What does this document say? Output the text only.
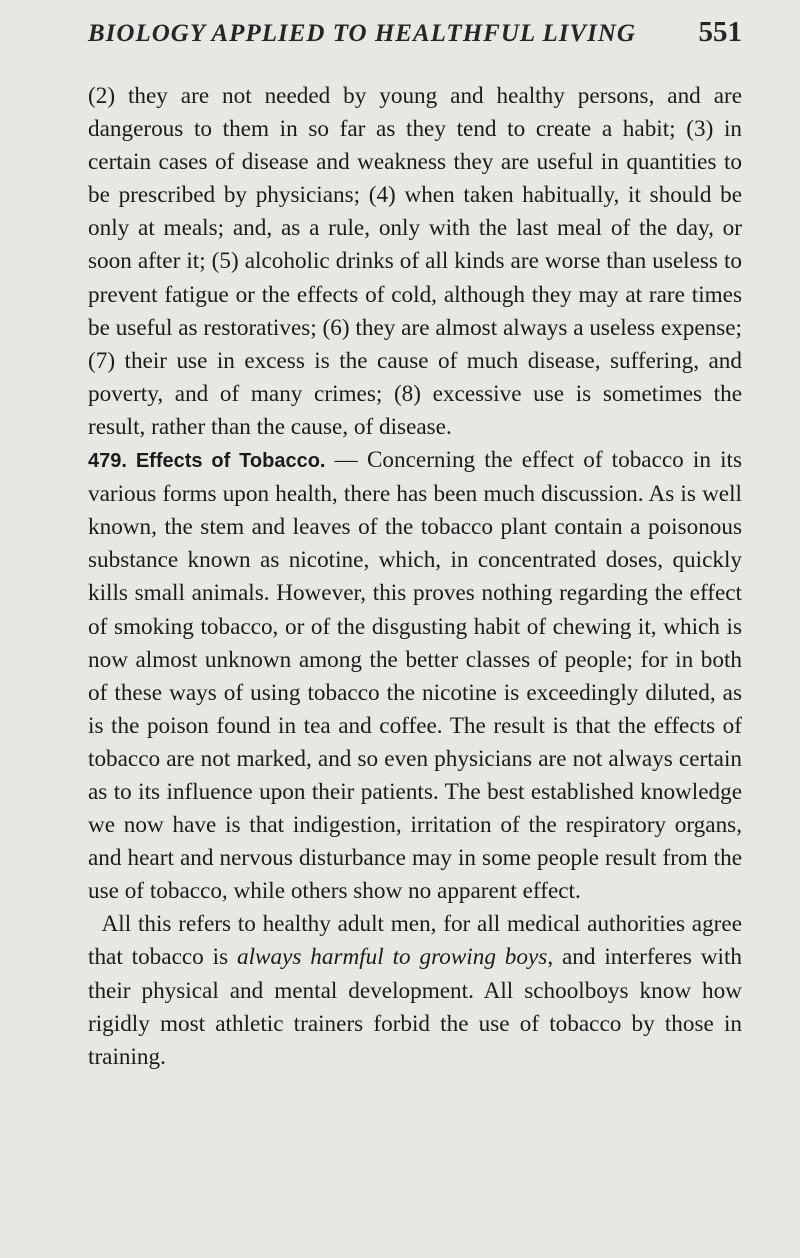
BIOLOGY APPLIED TO HEALTHFUL LIVING 551

(2) they are not needed by young and healthy persons, and are dangerous to them in so far as they tend to create a habit; (3) in certain cases of disease and weakness they are useful in quantities to be prescribed by physicians; (4) when taken habitually, it should be only at meals; and, as a rule, only with the last meal of the day, or soon after it; (5) alcoholic drinks of all kinds are worse than useless to prevent fatigue or the effects of cold, although they may at rare times be useful as restoratives; (6) they are almost always a useless expense; (7) their use in excess is the cause of much disease, suffering, and poverty, and of many crimes; (8) excessive use is sometimes the result, rather than the cause, of disease.

479. Effects of Tobacco. — Concerning the effect of tobacco in its various forms upon health, there has been much discussion. As is well known, the stem and leaves of the tobacco plant contain a poisonous substance known as nicotine, which, in concentrated doses, quickly kills small animals. However, this proves nothing regarding the effect of smoking tobacco, or of the disgusting habit of chewing it, which is now almost unknown among the better classes of people; for in both of these ways of using tobacco the nicotine is exceedingly diluted, as is the poison found in tea and coffee. The result is that the effects of tobacco are not marked, and so even physicians are not always certain as to its influence upon their patients. The best established knowledge we now have is that indigestion, irritation of the respiratory organs, and heart and nervous disturbance may in some people result from the use of tobacco, while others show no apparent effect.

All this refers to healthy adult men, for all medical authorities agree that tobacco is always harmful to growing boys, and interferes with their physical and mental development. All schoolboys know how rigidly most athletic trainers forbid the use of tobacco by those in training.
